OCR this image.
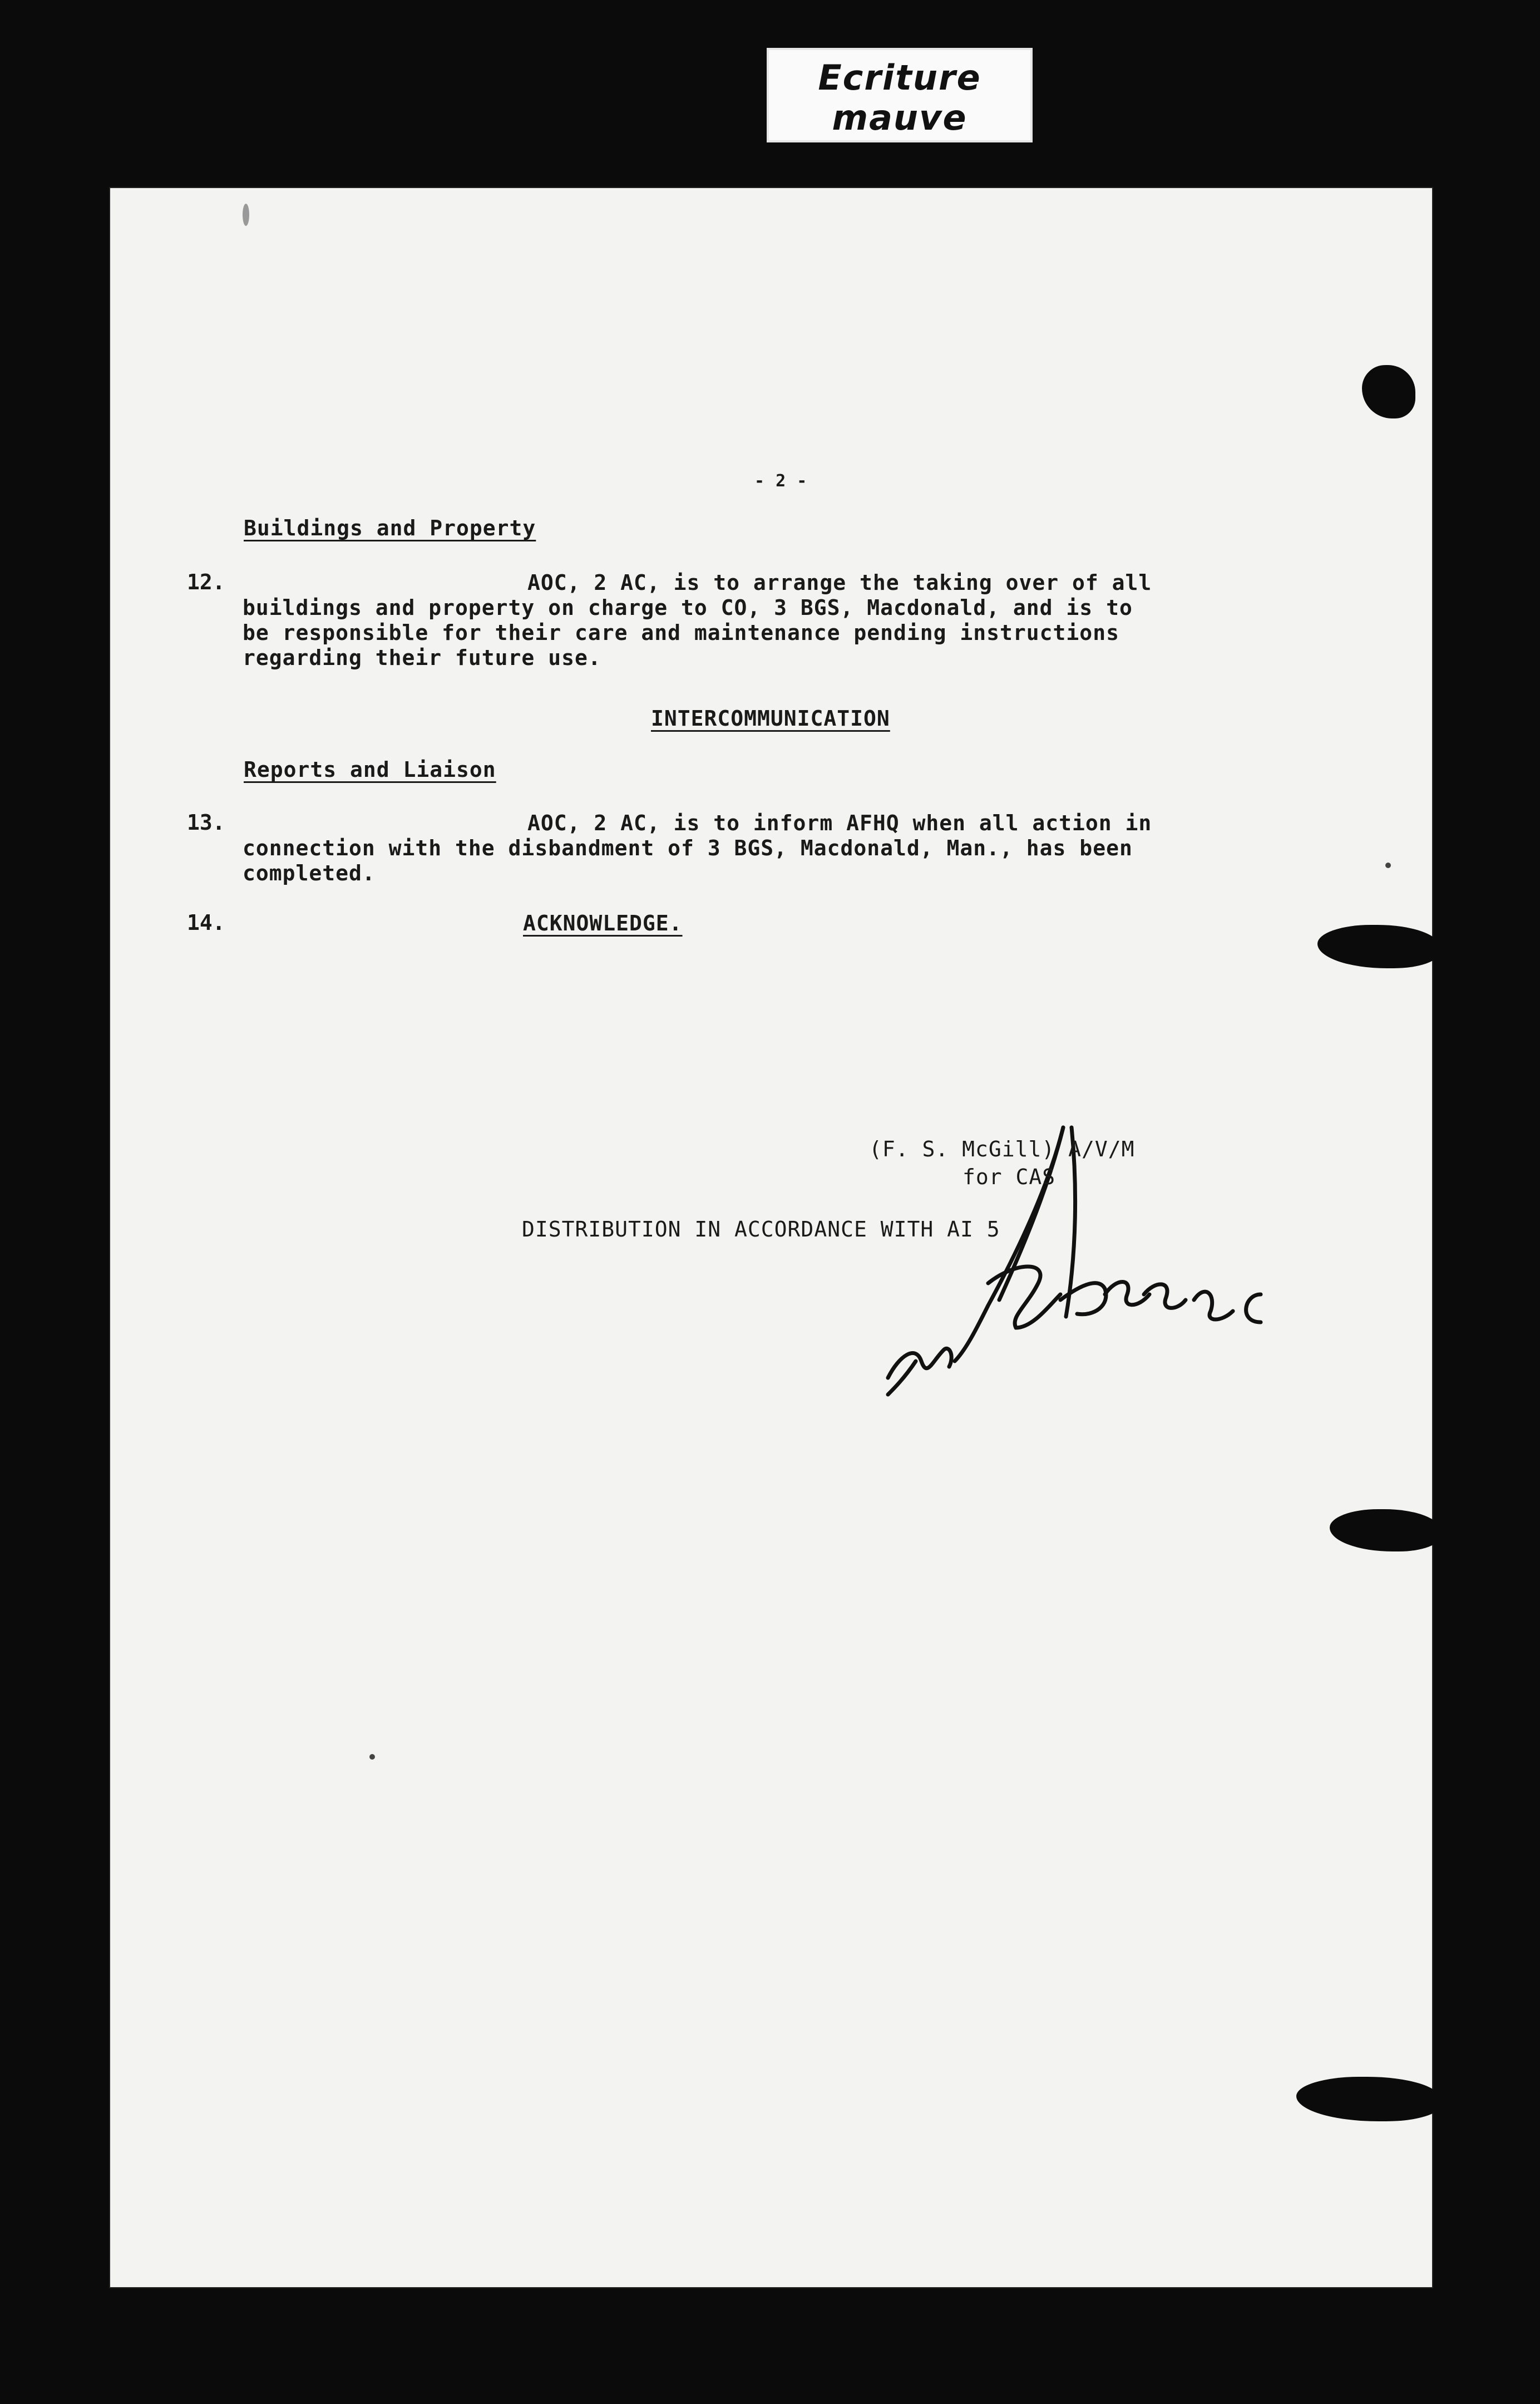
Ecriture
mauve
- 2 -
Buildings and Property
12.	AOC, 2 AC, is to arrange the taking over of all
buildings and property on charge to CO, 3 BGS, Macdonald, and is to
be responsible for their care and maintenance pending instructions
regarding their future use.
INTERCOMMUNICATION
Reports and Liaison
13.	AOC, 2 AC, is to inform AFHQ when all action in
connection with the disbandment of 3 BGS, Macdonald, Man., has been
completed.
14.	ACKNOWLEDGE.
(F. S. McGill) A/V/M
for CAS
DISTRIBUTION IN ACCORDANCE WITH AI 5
